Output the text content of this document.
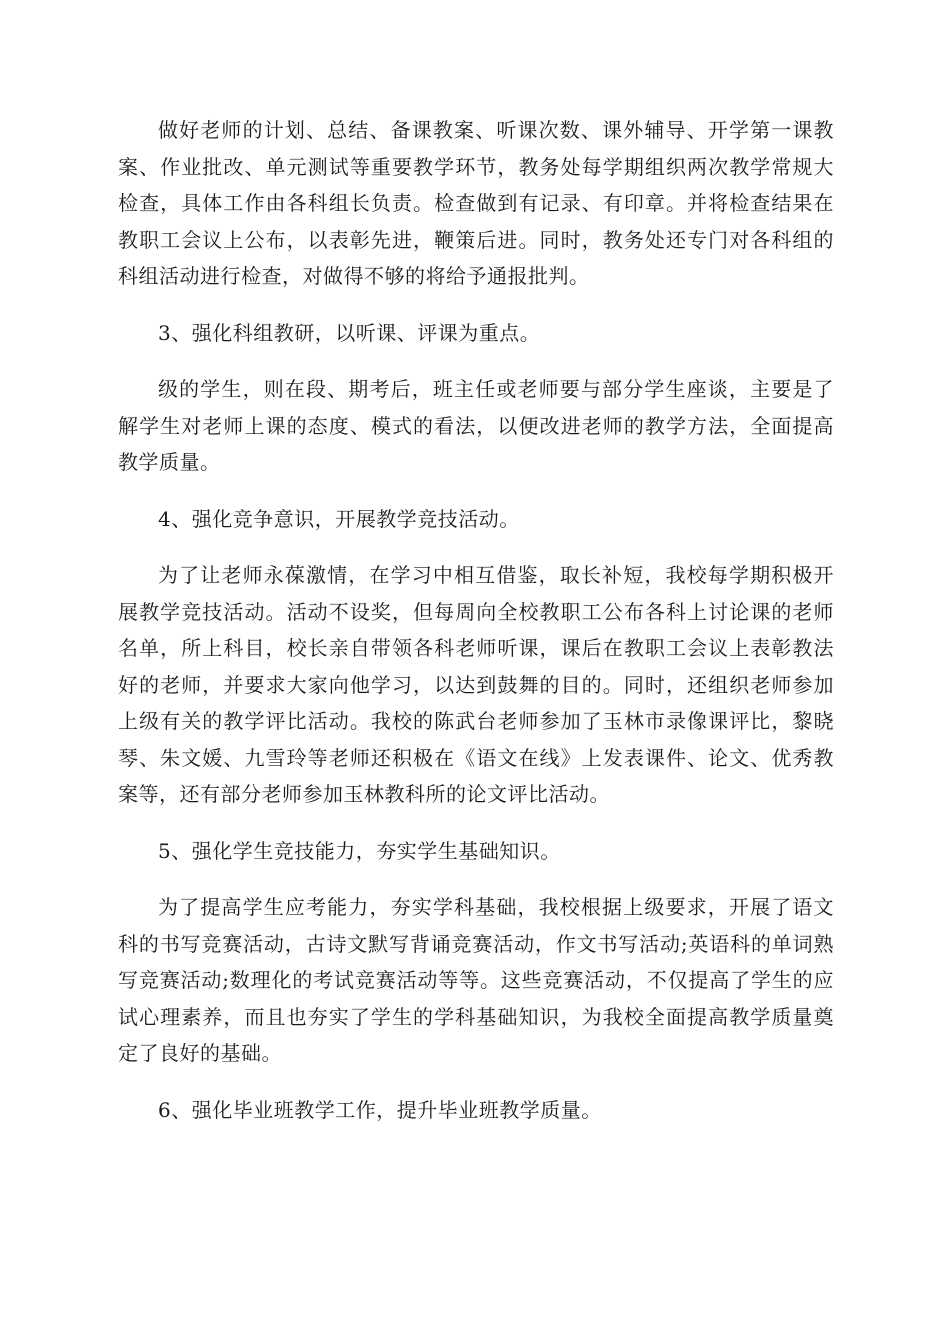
做好老师的计划、总结、备课教案、听课次数、课外辅导、开学第一课教案、作业批改、单元测试等重要教学环节，教务处每学期组织两次教学常规大检查，具体工作由各科组长负责。检查做到有记录、有印章。并将检查结果在教职工会议上公布，以表彰先进，鞭策后进。同时，教务处还专门对各科组的科组活动进行检查，对做得不够的将给予通报批判。

3、强化科组教研，以听课、评课为重点。

级的学生，则在段、期考后，班主任或老师要与部分学生座谈，主要是了解学生对老师上课的态度、模式的看法，以便改进老师的教学方法，全面提高教学质量。

4、强化竞争意识，开展教学竞技活动。

为了让老师永葆激情，在学习中相互借鉴，取长补短，我校每学期积极开展教学竞技活动。活动不设奖，但每周向全校教职工公布各科上讨论课的老师名单，所上科目，校长亲自带领各科老师听课，课后在教职工会议上表彰教法好的老师，并要求大家向他学习，以达到鼓舞的目的。同时，还组织老师参加上级有关的教学评比活动。我校的陈武台老师参加了玉林市录像课评比，黎晓琴、朱文媛、九雪玲等老师还积极在《语文在线》上发表课件、论文、优秀教案等，还有部分老师参加玉林教科所的论文评比活动。

5、强化学生竞技能力，夯实学生基础知识。

为了提高学生应考能力，夯实学科基础，我校根据上级要求，开展了语文科的书写竞赛活动，古诗文默写背诵竞赛活动，作文书写活动;英语科的单词熟写竞赛活动;数理化的考试竞赛活动等等。这些竞赛活动，不仅提高了学生的应试心理素养，而且也夯实了学生的学科基础知识，为我校全面提高教学质量奠定了良好的基础。

6、强化毕业班教学工作，提升毕业班教学质量。
